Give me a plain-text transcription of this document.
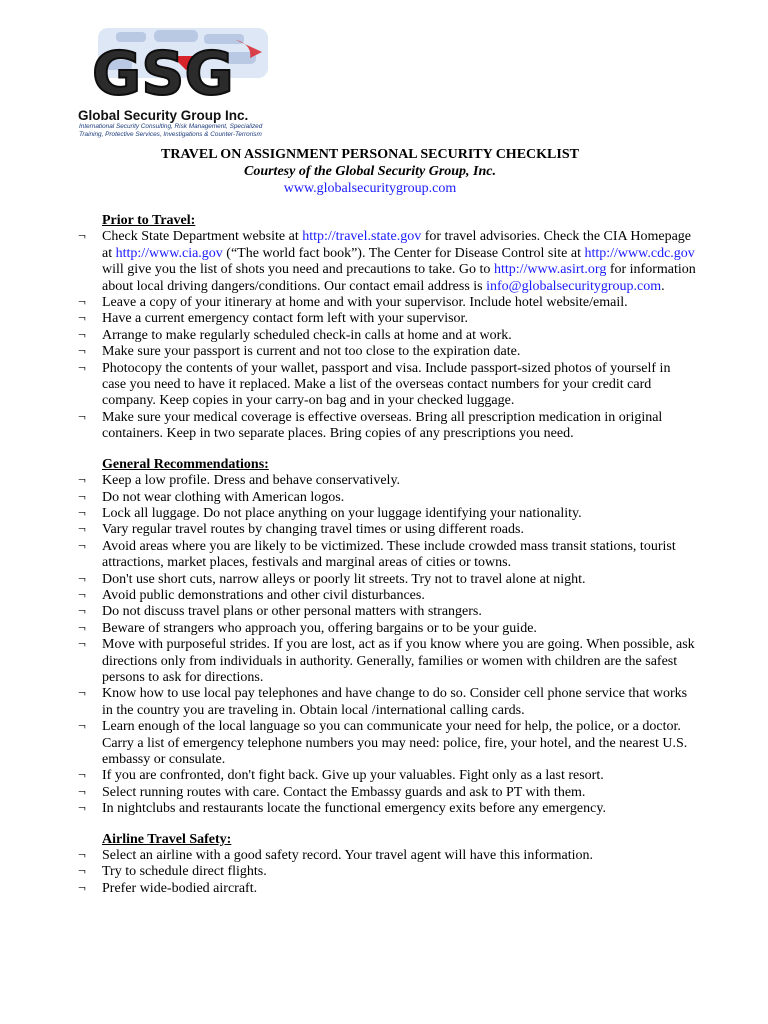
GSG
Global Security Group Inc.
International Security Consulting, Risk Management, Specialized Training, Protective Services, Investigations & Counter-Terrorism
TRAVEL ON ASSIGNMENT PERSONAL SECURITY CHECKLIST
Courtesy of the Global Security Group, Inc.
www.globalsecuritygroup.com
Prior to Travel:
¬ Check State Department website at http://travel.state.gov for travel advisories. Check the CIA Homepage at http://www.cia.gov (“The world fact book”). The Center for Disease Control site at http://www.cdc.gov will give you the list of shots you need and precautions to take. Go to http://www.asirt.org for information about local driving dangers/conditions. Our contact email address is info@globalsecuritygroup.com.
¬ Leave a copy of your itinerary at home and with your supervisor. Include hotel website/email.
¬ Have a current emergency contact form left with your supervisor.
¬ Arrange to make regularly scheduled check-in calls at home and at work.
¬ Make sure your passport is current and not too close to the expiration date.
¬ Photocopy the contents of your wallet, passport and visa. Include passport-sized photos of yourself in case you need to have it replaced. Make a list of the overseas contact numbers for your credit card company. Keep copies in your carry-on bag and in your checked luggage.
¬ Make sure your medical coverage is effective overseas. Bring all prescription medication in original containers. Keep in two separate places. Bring copies of any prescriptions you need.
General Recommendations:
¬ Keep a low profile. Dress and behave conservatively.
¬ Do not wear clothing with American logos.
¬ Lock all luggage. Do not place anything on your luggage identifying your nationality.
¬ Vary regular travel routes by changing travel times or using different roads.
¬ Avoid areas where you are likely to be victimized. These include crowded mass transit stations, tourist attractions, market places, festivals and marginal areas of cities or towns.
¬ Don't use short cuts, narrow alleys or poorly lit streets. Try not to travel alone at night.
¬ Avoid public demonstrations and other civil disturbances.
¬ Do not discuss travel plans or other personal matters with strangers.
¬ Beware of strangers who approach you, offering bargains or to be your guide.
¬ Move with purposeful strides. If you are lost, act as if you know where you are going. When possible, ask directions only from individuals in authority. Generally, families or women with children are the safest persons to ask for directions.
¬ Know how to use local pay telephones and have change to do so. Consider cell phone service that works in the country you are traveling in. Obtain local /international calling cards.
¬ Learn enough of the local language so you can communicate your need for help, the police, or a doctor. Carry a list of emergency telephone numbers you may need: police, fire, your hotel, and the nearest U.S. embassy or consulate.
¬ If you are confronted, don't fight back. Give up your valuables. Fight only as a last resort.
¬ Select running routes with care. Contact the Embassy guards and ask to PT with them.
¬ In nightclubs and restaurants locate the functional emergency exits before any emergency.
Airline Travel Safety:
¬ Select an airline with a good safety record. Your travel agent will have this information.
¬ Try to schedule direct flights.
¬ Prefer wide-bodied aircraft.
